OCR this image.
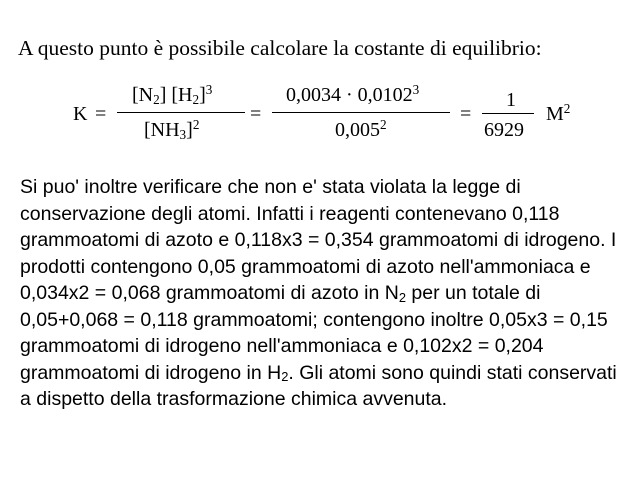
A questo punto è possibile calcolare la costante di equilibrio:
K =
$[N_2]$ $[H_2]^3$
$[NH_3]^2$	=
$0,0034 \cdot 0,0102^3$
$0,005^2$	=
1
6929
$M^2$

Si puo' inoltre verificare che non e' stata violata la legge di conservazione degli atomi. Infatti i reagenti contenevano 0,118 grammoatomi di azoto e 0,118x3 = 0,354 grammoatomi di idrogeno. I prodotti contengono 0,05 grammoatomi di azoto nell'ammoniaca e 0,034x2 = 0,068 grammoatomi di azoto in $N_2$ per un totale di 0,05+0,068 = 0,118 grammoatomi; contengono inoltre 0,05x3 = 0,15 grammoatomi di idrogeno nell'ammoniaca e 0,102x2 = 0,204 grammoatomi di idrogeno in $H_2$. Gli atomi sono quindi stati conservati a dispetto della trasformazione chimica avvenuta.
